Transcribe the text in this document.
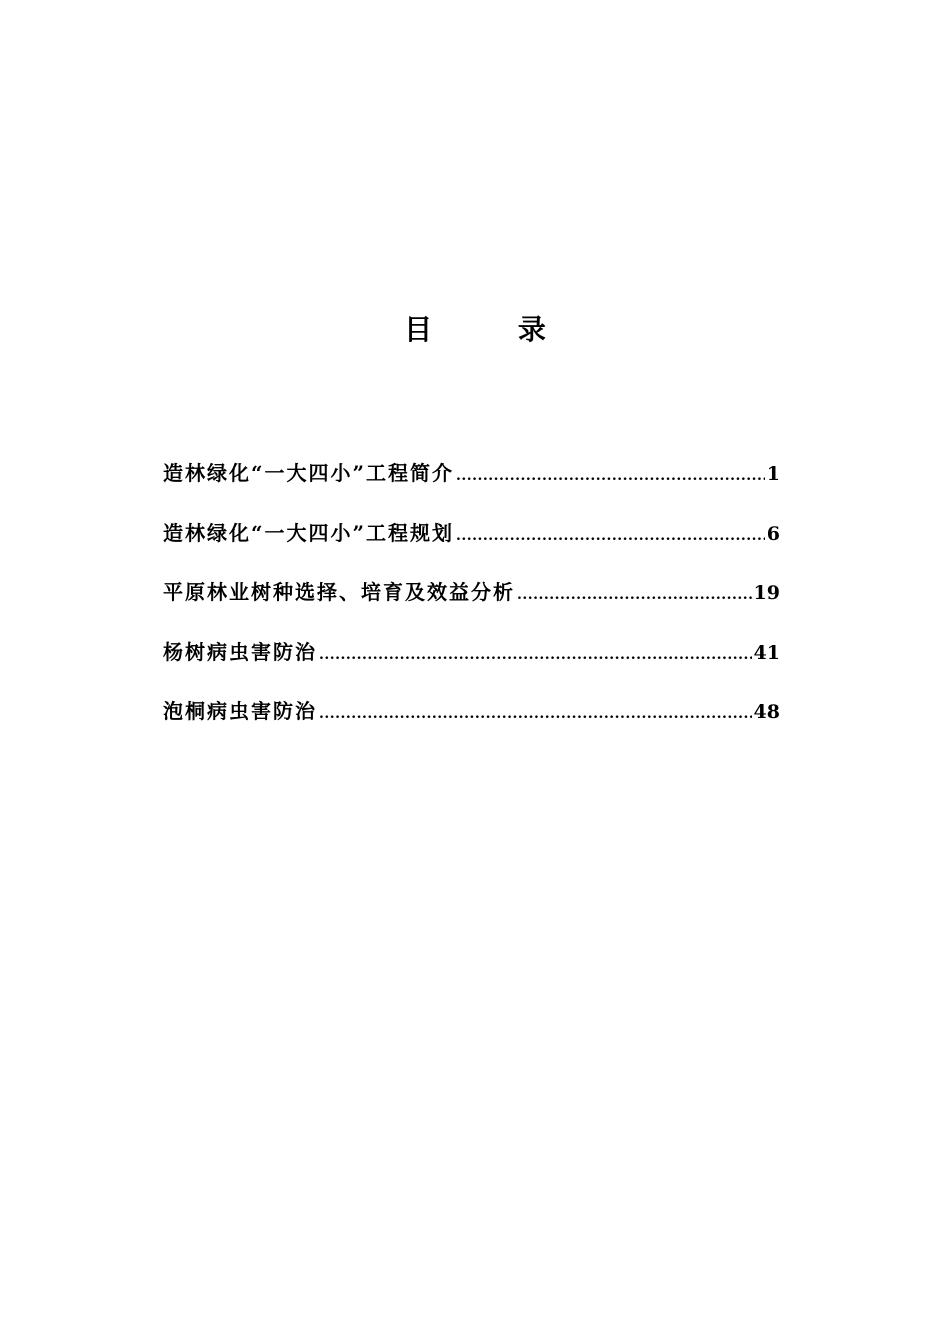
目 录
造林绿化“一大四小”工程简介 .....	1
造林绿化“一大四小”工程规划 .....	6
平原林业树种选择、培育及效益分析 .....	19
杨树病虫害防治 .....	41
泡桐病虫害防治 .....	48
